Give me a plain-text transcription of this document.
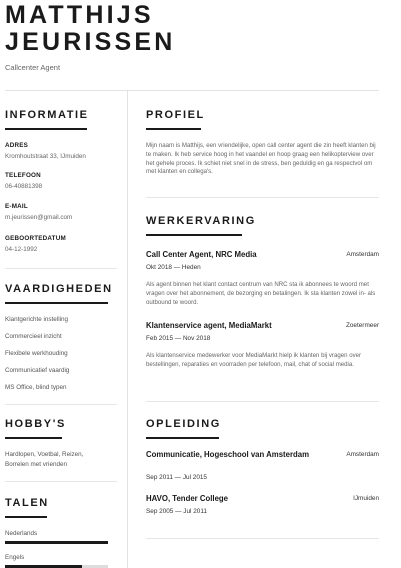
MATTHIJS
JEURISSEN
Callcenter Agent
INFORMATIE
ADRES
Kromhoutstraat 33, IJmuiden
TELEFOON
06-40881398
E-MAIL
m.jeurissen@gmail.com
GEBOORTEDATUM
04-12-1992
VAARDIGHEDEN
Klantgerichte instelling
Commercieel inzicht
Flexibele werkhouding
Communicatief vaardig
MS Office, blind typen
HOBBY'S
Hardlopen, Voetbal, Reizen, Borrelen met vrienden
TALEN
Nederlands
Engels
PROFIEL
Mijn naam is Matthijs, een vriendelijke, open call center agent die zin heeft klanten bij te maken. Ik heb service hoog in het vaandel en hoop graag een helikopterview over het gehele proces. Ik schiet niet snel in de stress, ben geduldig en ga respectvol om met klanten en collega's.
WERKERVARING
Call Center Agent, NRC Media	Amsterdam
Okt 2018 — Heden
Als agent binnen het klant contact centrum van NRC sta ik abonnees te woord met vragen over het abonnement, de bezorging en betalingen. Ik sta klanten zowel in- als outbound te woord.
Klantenservice agent, MediaMarkt	Zoetermeer
Feb 2015 — Nov 2018
Als klantenservice medewerker voor MediaMarkt hielp ik klanten bij vragen over bestellingen, reparaties en voorraden per telefoon, mail, chat of social media.
OPLEIDING
Communicatie, Hogeschool van Amsterdam	Amsterdam
Sep 2011 — Jul 2015
HAVO, Tender College	IJmuiden
Sep 2005 — Jul 2011
